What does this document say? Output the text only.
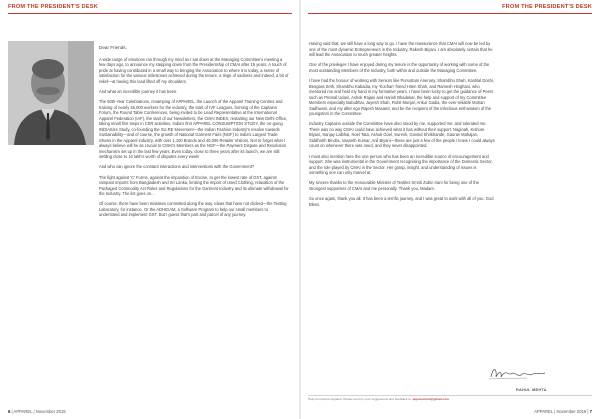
FROM THE PRESIDENT'S DESK	FROM THE PRESIDENT'S DESK

Dear Friends,

A wide range of emotions ran through my mind as I sat down at the Managing Committee's meeting a few days ago, to announce my stepping down from the Presidentship of CMAI after 15 years. A touch of pride at having contributed in a small way to bringing the Association to where it is today, a sense of satisfaction for the various milestones achieved during the tenure, a tinge of sadness and indeed, a bit of relief—at having this load lifted off my shoulders.

And what an incredible journey it has been.

The 50th-Year Celebrations, revamping of APPAREL, the Launch of the Apparel Training Centres and training of nearly 45,000 workers for the industry, the start of IVF Leagues, forming of the Captains Forum, the Round Table Conferences, being invited to be Lead Representative at the International Apparel Federation (IAF), the start of our Newsletters, the CMAI INDEX, restarting our New Delhi Office, taking small first steps in CSR activities, India's first APPAREL CONSUMPTION STUDY, the on-going INDIASize Study, co-founding the SU.RE Movement—the Indian Fashion Industry's resolve towards Sustainability—and of course, the growth of National Garment Fairs (NGF) to India's Largest Trade Shows in the Apparel industry, with over 1,100 Brands and 40,000 Retailer Visitors. Not to forget what I always believe will be as crucial to CMAI's Members as the NGF—the Payment Dispute and Resolution mechanism set up in the last few years. Even today, close to three years after its launch, we are still settling close to 10 lakh's worth of disputes every week!

And who can ignore the constant interactions and interventions with the Government?

The fight against 'C' Forms, against the imposition of Excise, to get the lowest rate of GST, against rampant imports from Bangladesh and Sri Lanka, limiting the import of Used Clothing, relaxation of the Packaged Commodity Act Rules and Regulations for the Garment Industry and its ultimate withdrawal for the Industry. The list goes on...

Of course, there have been mistakes committed along the way. Ideas that have not clicked—the Testing Laboratory, for instance. Or the ADHIGAM, a Software Program to help our small members to understand and implement GST. But I guess that's part and parcel of any journey.

Having said that, we still have a long way to go. I have the reassurance that CMAI will now be led by one of the most dynamic Entrepreneurs in the Industry, Rakesh Biyani. I am absolutely certain that he will lead the Association to much greater heights.

One of the privileges I have enjoyed during my tenure is the opportunity of working with some of the most outstanding Members of the Industry, both within and outside the Managing Committee.

I have had the honour of working with Seniors like Pursottam Anenary, Shambhu Shah, Kantilal Doshi, Bengara Seth, Shambhu Kabadia, my 'Kochan' friend Hiten Shah, and Ramesh Hinghani, who mentored me and held my hand in my formative years. I have been lucky to get the guidance of Peers such as Premal Udani, Ashok Rajani and Harish Bhadekar, the help and support of my Committee Members especially Babubhai, Jayesh Shah, Rohit Munjal, Ankur Gadia, the ever-reliable Mohan Sadhwani, and my after ego Rajesh Masand, and be the recipient of the infectious enthusiasm of the youngsters in the Committee.

Industry Captains outside the Committee have also stood by me, supported me, and tolerated me. There was no way CMAI could have achieved what it has without their support. Naginah, Kishore Biyani, Sanjay Lalbhai, Noel Tata, Ashok Goel, Suresh, Govind Shrikhande, Gaurav Mahajan, Siddharth Bindra, Vasanth Kumar, Anil Biyani—these are just a few of the people I knew I could always count on whenever there was need, and they never disappointed.

I must also mention here the one person who has been an incredible source of encouragement and support. She was instrumental in the Government recognising the importance of the Domestic Sector, and the role played by CMAI in the Sector. Her grasp, insight, and understanding of issues is something one can only marvel at.

My sincere thanks to the Honourable Minister of Textiles Smriti Zubin Irani for being one of the strongest supporters of CMAI and me personally. Thank you, Madam.

So once again, thank you all. It has been a terrific journey, and I was great to work with all of you. God Bless.

RAHUL MEHTA
Help us improve Apparel. Please send in your suggestions and feedback to: apparelcmai@gmail.com
6 | APPAREL | November 2019	APPAREL | November 2019 | 7
